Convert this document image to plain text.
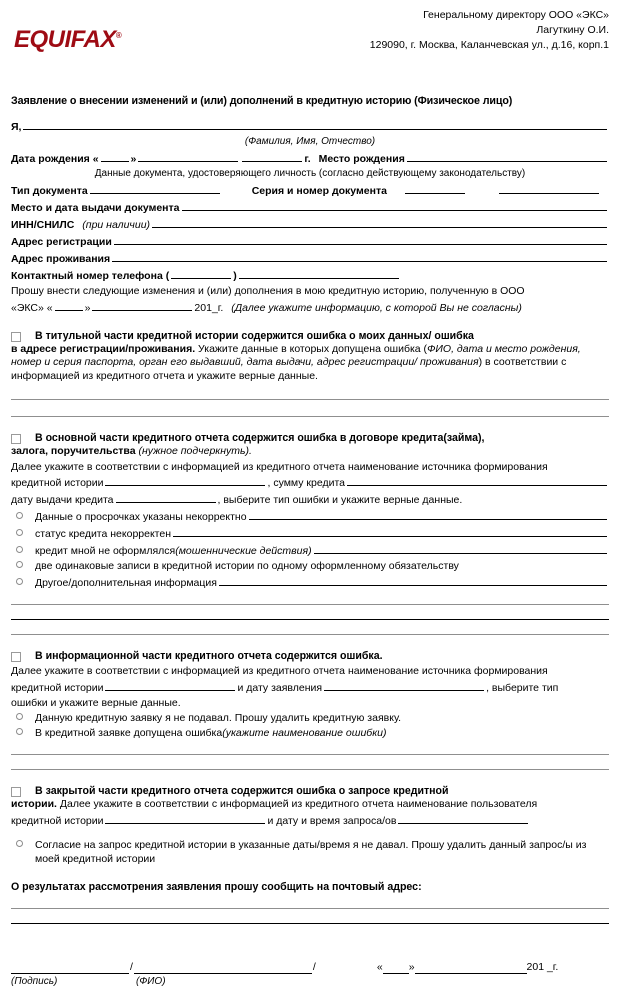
Генеральному директору ООО «ЭКС»
Лагуткину О.И.
129090, г. Москва, Каланчевская ул., д.16, корп.1
EQUIFAX®
Заявление о внесении изменений и (или) дополнений в кредитную историю (Физическое лицо)
Я,
(Фамилия, Имя, Отчество)
Дата рождения «	»	г. Место рождения
Данные документа, удостоверяющего личность (согласно действующему законодательству)
Тип документа	Серия и номер документа
Место и дата выдачи документа
ИНН/СНИЛС (при наличии)
Адрес регистрации
Адрес проживания
Контактный номер телефона (	)
Прошу внести следующие изменения и (или) дополнения в мою кредитную историю, полученную в ООО
«ЭКС» «	»	201_г. (Далее укажите информацию, с которой Вы не согласны)
В титульной части кредитной истории содержится ошибка о моих данных/ ошибка
в адресе регистрации/проживания. Укажите данные в которых допущена ошибка (ФИО, дата и место рождения, номер и серия паспорта, орган его выдавший, дата выдачи, адрес регистрации/ проживания) в соответствии с информацией из кредитного отчета и укажите верные данные.
В основной части кредитного отчета содержится ошибка в договоре кредита(займа),
залога, поручительства (нужное подчеркнуть).
Далее укажите в соответствии с информацией из кредитного отчета наименование источника формирования
кредитной истории	, сумму кредита
дату выдачи кредита	, выберите тип ошибки и укажите верные данные.
Данные о просрочках указаны некорректно
статус кредита некорректен
кредит мной не оформлялся (мошеннические действия)
две одинаковые записи в кредитной истории по одному оформленному обязательству
Другое/дополнительная информация
В информационной части кредитного отчета содержится ошибка.
Далее укажите в соответствии с информацией из кредитного отчета наименование источника формирования
кредитной истории	и дату заявления	, выберите тип
ошибки и укажите верные данные.
Данную кредитную заявку я не подавал. Прошу удалить кредитную заявку.
В кредитной заявке допущена ошибка (укажите наименование ошибки)
В закрытой части кредитного отчета содержится ошибка о запросе кредитной
истории. Далее укажите в соответствии с информацией из кредитного отчета наименование пользователя
кредитной истории	и дату и время запроса/ов
Согласие на запрос кредитной истории в указанные даты/время я не давал. Прошу удалить данный запрос/ы из моей кредитной истории
О результатах рассмотрения заявления прошу сообщить на почтовый адрес:
/	/	« »	201 _г.
(Подпись)	(ФИО)
